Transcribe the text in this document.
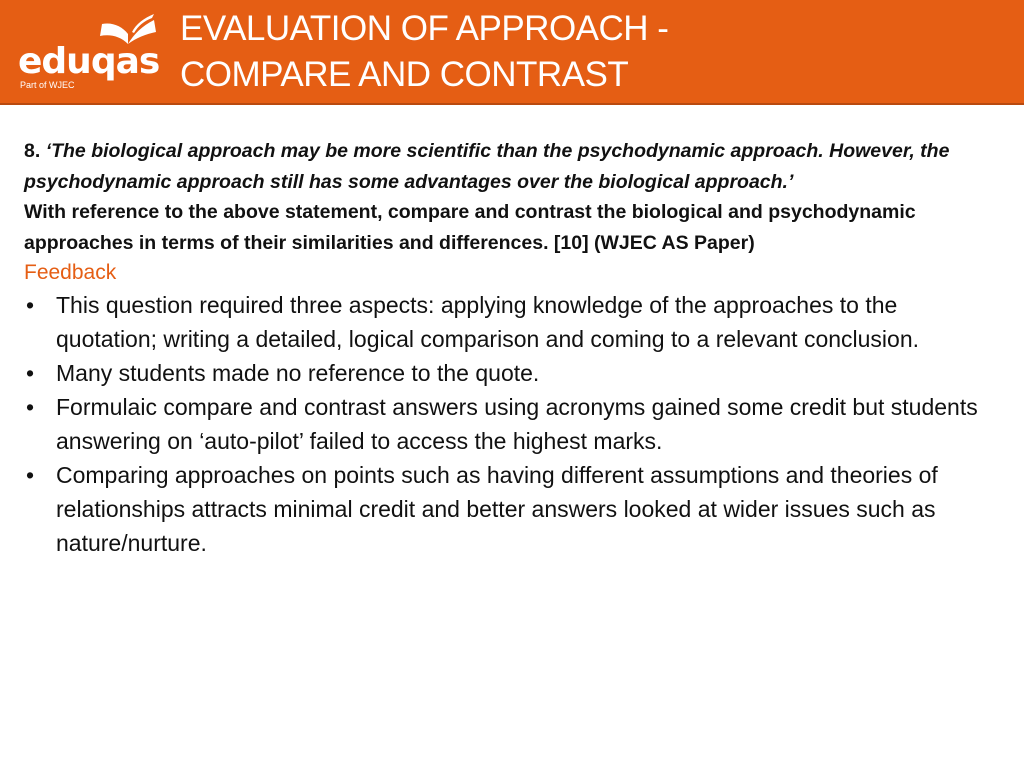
eduqas
Part of WJEC
EVALUATION OF APPROACH -
COMPARE AND CONTRAST
8. ‘The biological approach may be more scientific than the psychodynamic approach. However, the psychodynamic approach still has some advantages over the biological approach.’
With reference to the above statement, compare and contrast the biological and psychodynamic approaches in terms of their similarities and differences. [10] (WJEC AS Paper)
Feedback
• This question required three aspects: applying knowledge of the approaches to the quotation; writing a detailed, logical comparison and coming to a relevant conclusion.
• Many students made no reference to the quote.
• Formulaic compare and contrast answers using acronyms gained some credit but students answering on ‘auto-pilot’ failed to access the highest marks.
• Comparing approaches on points such as having different assumptions and theories of relationships attracts minimal credit and better answers looked at wider issues such as nature/nurture.
